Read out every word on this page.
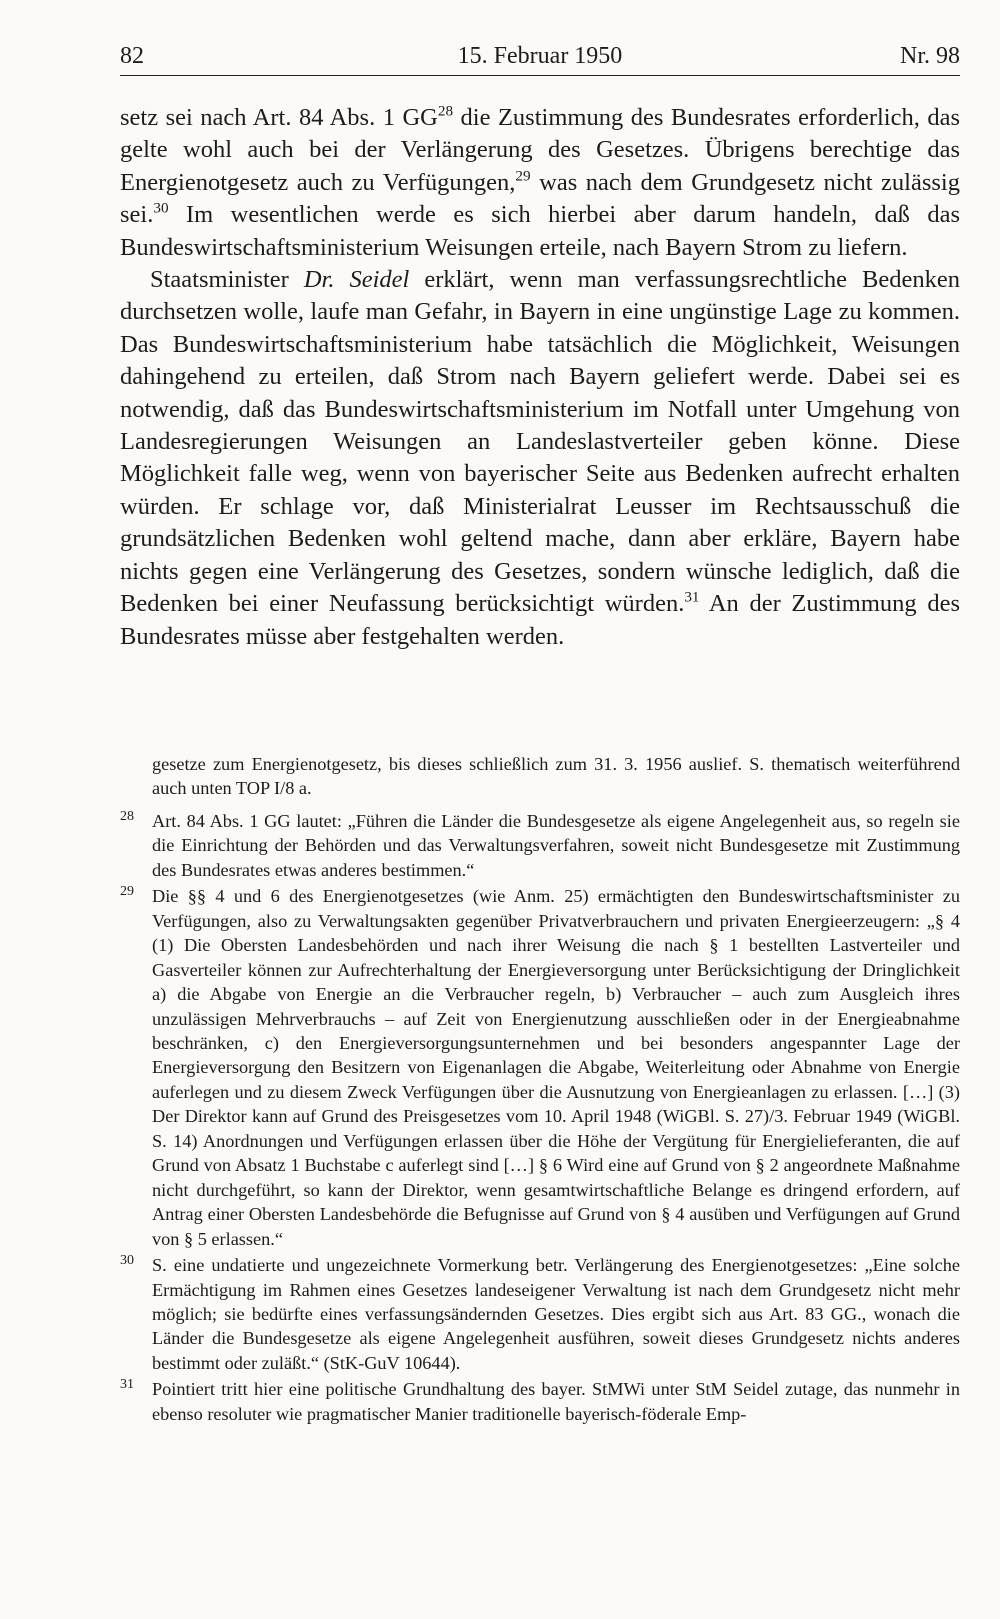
82	15. Februar 1950	Nr. 98

setz sei nach Art. 84 Abs. 1 GG$^{28}$ die Zustimmung des Bundesrates erforderlich, das gelte wohl auch bei der Verlängerung des Gesetzes. Übrigens berechtige das Energienotgesetz auch zu Verfügungen,$^{29}$ was nach dem Grundgesetz nicht zulässig sei.$^{30}$ Im wesentlichen werde es sich hierbei aber darum handeln, daß das Bundeswirtschaftsministerium Weisungen erteile, nach Bayern Strom zu liefern.

Staatsminister Dr. Seidel erklärt, wenn man verfassungsrechtliche Bedenken durchsetzen wolle, laufe man Gefahr, in Bayern in eine ungünstige Lage zu kommen. Das Bundeswirtschaftsministerium habe tatsächlich die Möglichkeit, Weisungen dahingehend zu erteilen, daß Strom nach Bayern geliefert werde. Dabei sei es notwendig, daß das Bundeswirtschaftsministerium im Notfall unter Umgehung von Landesregierungen Weisungen an Landeslastverteiler geben könne. Diese Möglichkeit falle weg, wenn von bayerischer Seite aus Bedenken aufrecht erhalten würden. Er schlage vor, daß Ministerialrat Leusser im Rechtsausschuß die grundsätzlichen Bedenken wohl geltend mache, dann aber erkläre, Bayern habe nichts gegen eine Verlängerung des Gesetzes, sondern wünsche lediglich, daß die Bedenken bei einer Neufassung berücksichtigt würden.$^{31}$ An der Zustimmung des Bundesrates müsse aber festgehalten werden.

gesetze zum Energienotgesetz, bis dieses schließlich zum 31. 3. 1956 auslief. S. thematisch weiterführend auch unten TOP I/8 a.
28 Art. 84 Abs. 1 GG lautet: „Führen die Länder die Bundesgesetze als eigene Angelegenheit aus, so regeln sie die Einrichtung der Behörden und das Verwaltungsverfahren, soweit nicht Bundesgesetze mit Zustimmung des Bundesrates etwas anderes bestimmen.“
29 Die §§ 4 und 6 des Energienotgesetzes (wie Anm. 25) ermächtigten den Bundeswirtschaftsminister zu Verfügungen, also zu Verwaltungsakten gegenüber Privatverbrauchern und privaten Energieerzeugern: „§ 4 (1) Die Obersten Landesbehörden und nach ihrer Weisung die nach § 1 bestellten Lastverteiler und Gasverteiler können zur Aufrechterhaltung der Energieversorgung unter Berücksichtigung der Dringlichkeit a) die Abgabe von Energie an die Verbraucher regeln, b) Verbraucher – auch zum Ausgleich ihres unzulässigen Mehrverbrauchs – auf Zeit von Energienutzung ausschließen oder in der Energieabnahme beschränken, c) den Energieversorgungsunternehmen und bei besonders angespannter Lage der Energieversorgung den Besitzern von Eigenanlagen die Abgabe, Weiterleitung oder Abnahme von Energie auferlegen und zu diesem Zweck Verfügungen über die Ausnutzung von Energieanlagen zu erlassen. […] (3) Der Direktor kann auf Grund des Preisgesetzes vom 10. April 1948 (WiGBl. S. 27)/3. Februar 1949 (WiGBl. S. 14) Anordnungen und Verfügungen erlassen über die Höhe der Vergütung für Energielieferanten, die auf Grund von Absatz 1 Buchstabe c auferlegt sind […] § 6 Wird eine auf Grund von § 2 angeordnete Maßnahme nicht durchgeführt, so kann der Direktor, wenn gesamtwirtschaftliche Belange es dringend erfordern, auf Antrag einer Obersten Landesbehörde die Befugnisse auf Grund von § 4 ausüben und Verfügungen auf Grund von § 5 erlassen.“
30 S. eine undatierte und ungezeichnete Vormerkung betr. Verlängerung des Energienotgesetzes: „Eine solche Ermächtigung im Rahmen eines Gesetzes landeseigener Verwaltung ist nach dem Grundgesetz nicht mehr möglich; sie bedürfte eines verfassungsändernden Gesetzes. Dies ergibt sich aus Art. 83 GG., wonach die Länder die Bundesgesetze als eigene Angelegenheit ausführen, soweit dieses Grundgesetz nichts anderes bestimmt oder zuläßt.“ (StK-GuV 10644).
31 Pointiert tritt hier eine politische Grundhaltung des bayer. StMWi unter StM Seidel zutage, das nunmehr in ebenso resoluter wie pragmatischer Manier traditionelle bayerisch-föderale Emp-
